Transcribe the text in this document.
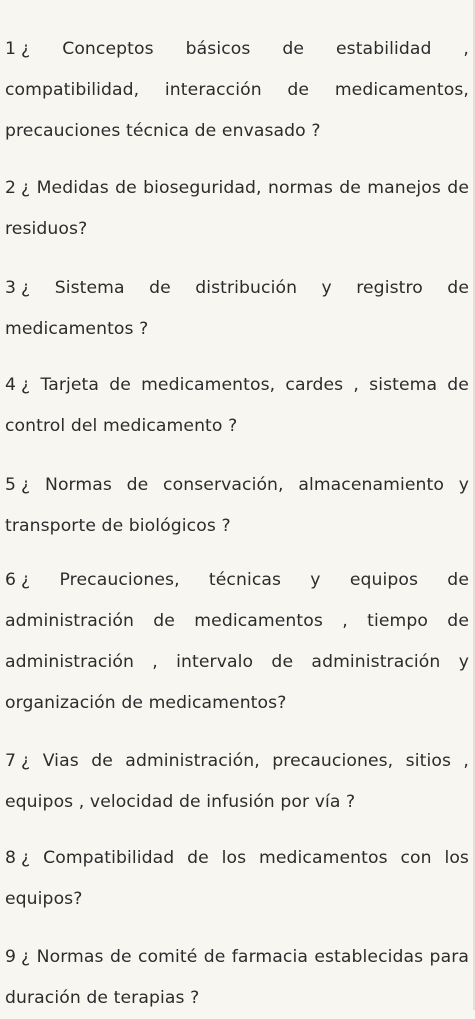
1 ¿ Conceptos básicos de estabilidad , compatibilidad, interacción de medicamentos, precauciones técnica de envasado ?

2 ¿ Medidas de bioseguridad, normas de manejos de residuos?

3 ¿ Sistema de distribución y registro de medicamentos ?

4 ¿ Tarjeta de medicamentos, cardes , sistema de control del medicamento ?

5 ¿ Normas de conservación, almacenamiento y transporte de biológicos ?

6 ¿ Precauciones, técnicas y equipos de administración de medicamentos , tiempo de administración , intervalo de administración y organización de medicamentos?

7 ¿ Vias de administración, precauciones, sitios , equipos , velocidad de infusión por vía ?

8 ¿ Compatibilidad de los medicamentos con los equipos?

9 ¿ Normas de comité de farmacia establecidas para duración de terapias ?
